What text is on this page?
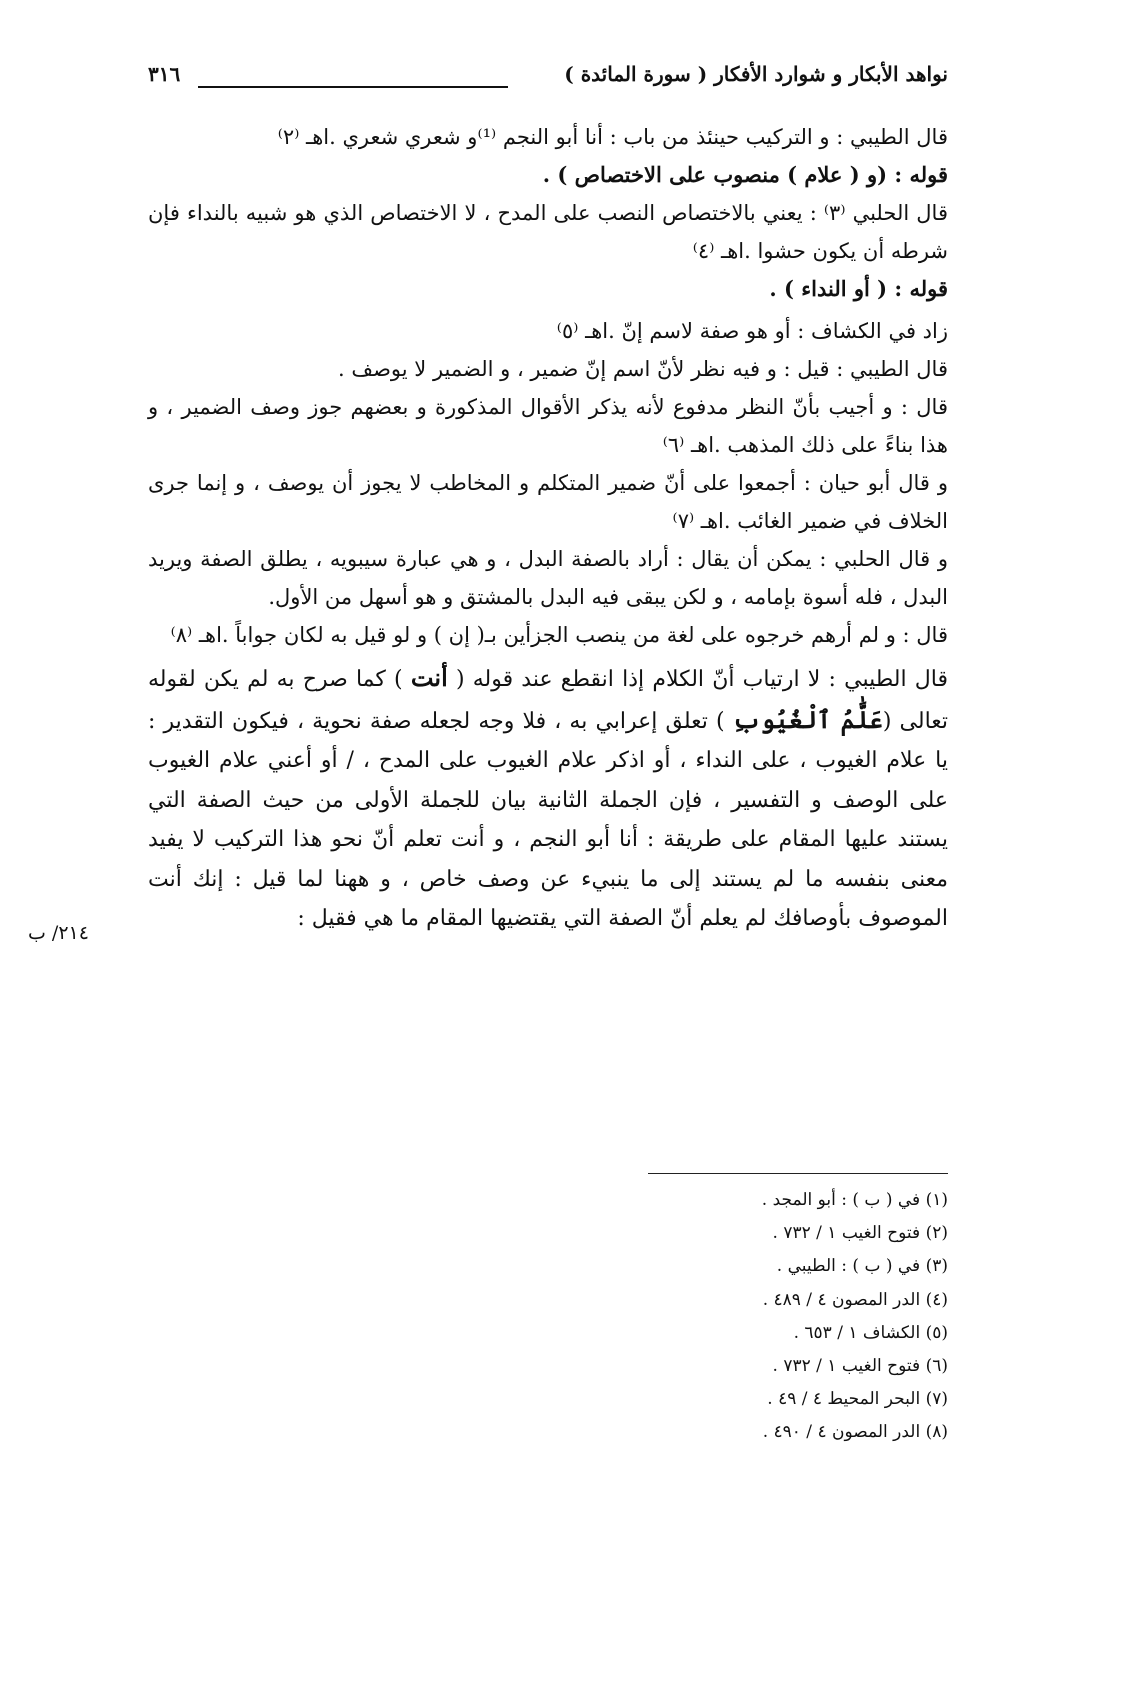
نواهد الأبكار و شوارد الأفكار ( سورة المائدة )
٣١٦

قال الطيبي : و التركيب حينئذ من باب : أنا أبو النجم ⁽¹⁾و شعري شعري .اهـ ⁽٢⁾

قوله : (و ( علام ) منصوب على الاختصاص ) .

قال الحلبي ⁽٣⁾ : يعني بالاختصاص النصب على المدح ، لا الاختصاص الذي هو شبيه بالنداء فإن شرطه أن يكون حشوا .اهـ ⁽٤⁾

قوله : ( أو النداء ) .

زاد في الكشاف : أو هو صفة لاسم إنّ .اهـ ⁽٥⁾

قال الطيبي : قيل : و فيه نظر لأنّ اسم إنّ ضمير ، و الضمير لا يوصف .

قال : و أجيب بأنّ النظر مدفوع لأنه يذكر الأقوال المذكورة و بعضهم جوز وصف الضمير ، و هذا بناءً على ذلك المذهب .اهـ ⁽٦⁾

و قال أبو حيان : أجمعوا على أنّ ضمير المتكلم و المخاطب لا يجوز أن يوصف ، و إنما جرى الخلاف في ضمير الغائب .اهـ ⁽٧⁾

و قال الحلبي : يمكن أن يقال : أراد بالصفة البدل ، و هي عبارة سيبويه ، يطلق الصفة ويريد البدل ، فله أسوة بإمامه ، و لكن يبقى فيه البدل بالمشتق و هو أسهل من الأول.

قال : و لم أرهم خرجوه على لغة من ينصب الجزأين بـ( إن ) و لو قيل به لكان جواباً .اهـ ⁽٨⁾

قال الطيبي : لا ارتياب أنّ الكلام إذا انقطع عند قوله ( أنت ) كما صرح به لم يكن لقوله تعالى (عَلَّٰمُ ٱلْغُيُوبِ ) تعلق إعرابي به ، فلا وجه لجعله صفة نحوية ، فيكون التقدير : يا علام الغيوب ، على النداء ، أو اذكر علام الغيوب على المدح ، / أو أعني علام الغيوب على الوصف و التفسير ، فإن الجملة الثانية بيان للجملة الأولى من حيث الصفة التي يستند عليها المقام على طريقة : أنا أبو النجم ، و أنت تعلم أنّ نحو هذا التركيب لا يفيد معنى بنفسه ما لم يستند إلى ما ينبيء عن وصف خاص ، و ههنا لما قيل : إنك أنت الموصوف بأوصافك لم يعلم أنّ الصفة التي يقتضيها المقام ما هي فقيل :

٢١٤/ ب

(١) في ( ب ) : أبو المجد .

(٢) فتوح الغيب ١ / ٧٣٢ .

(٣) في ( ب ) : الطيبي .

(٤) الدر المصون ٤ / ٤٨٩ .

(٥) الكشاف ١ / ٦٥٣ .

(٦) فتوح الغيب ١ / ٧٣٢ .

(٧) البحر المحيط ٤ / ٤٩ .

(٨) الدر المصون ٤ / ٤٩٠ .
